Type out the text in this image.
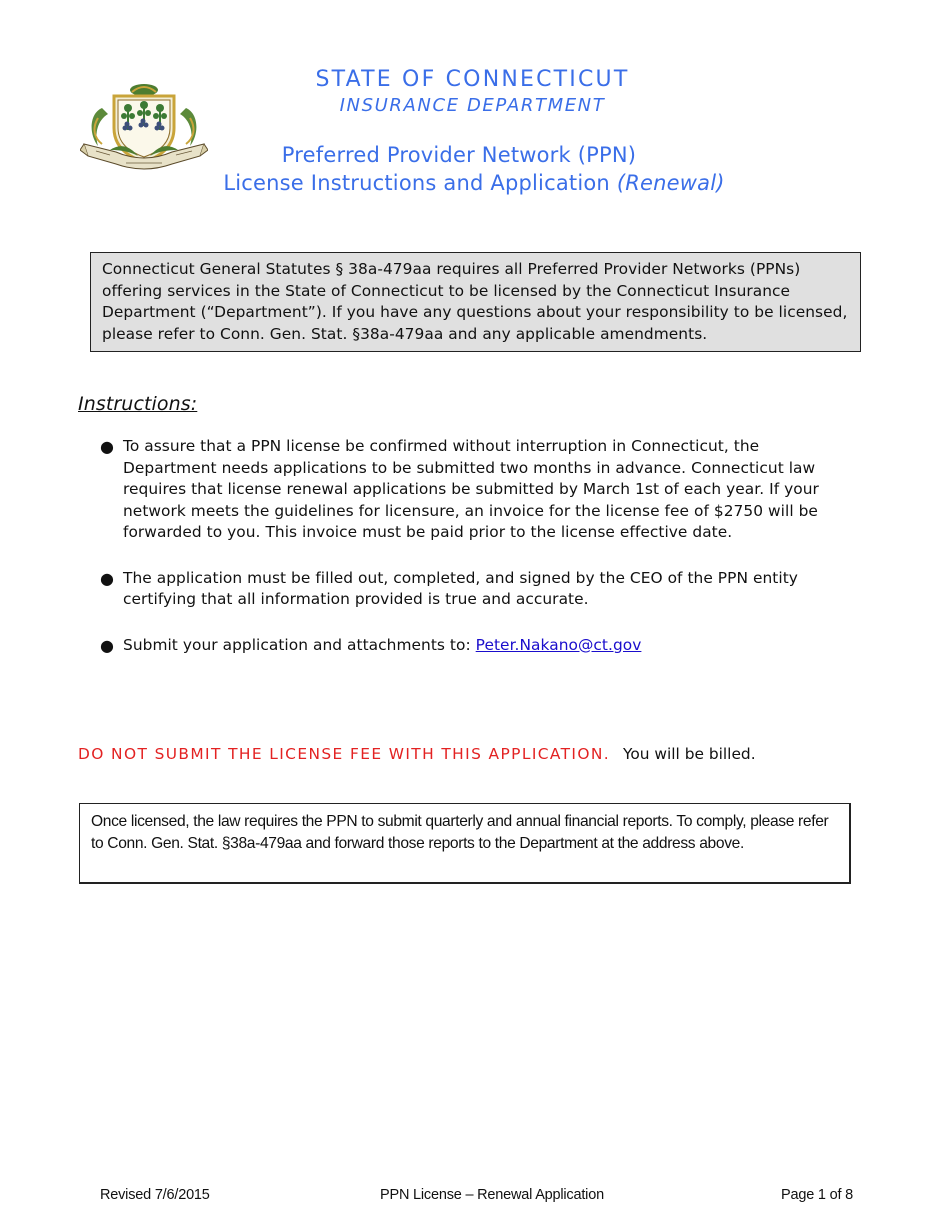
STATE OF CONNECTICUT
INSURANCE DEPARTMENT
Preferred Provider Network (PPN)
License Instructions and Application (Renewal)
Connecticut General Statutes § 38a-479aa requires all Preferred Provider Networks (PPNs) offering services in the State of Connecticut to be licensed by the Connecticut Insurance Department (“Department”). If you have any questions about your responsibility to be licensed, please refer to Conn. Gen. Stat. §38a-479aa and any applicable amendments.
Instructions:
● To assure that a PPN license be confirmed without interruption in Connecticut, the Department needs applications to be submitted two months in advance. Connecticut law requires that license renewal applications be submitted by March 1st of each year. If your network meets the guidelines for licensure, an invoice for the license fee of $2750 will be forwarded to you. This invoice must be paid prior to the license effective date.
● The application must be filled out, completed, and signed by the CEO of the PPN entity certifying that all information provided is true and accurate.
● Submit your application and attachments to: Peter.Nakano@ct.gov
DO NOT SUBMIT THE LICENSE FEE WITH THIS APPLICATION. You will be billed.
Once licensed, the law requires the PPN to submit quarterly and annual financial reports. To comply, please refer to Conn. Gen. Stat. §38a-479aa and forward those reports to the Department at the address above.
Revised 7/6/2015	PPN License – Renewal Application	Page 1 of 8
